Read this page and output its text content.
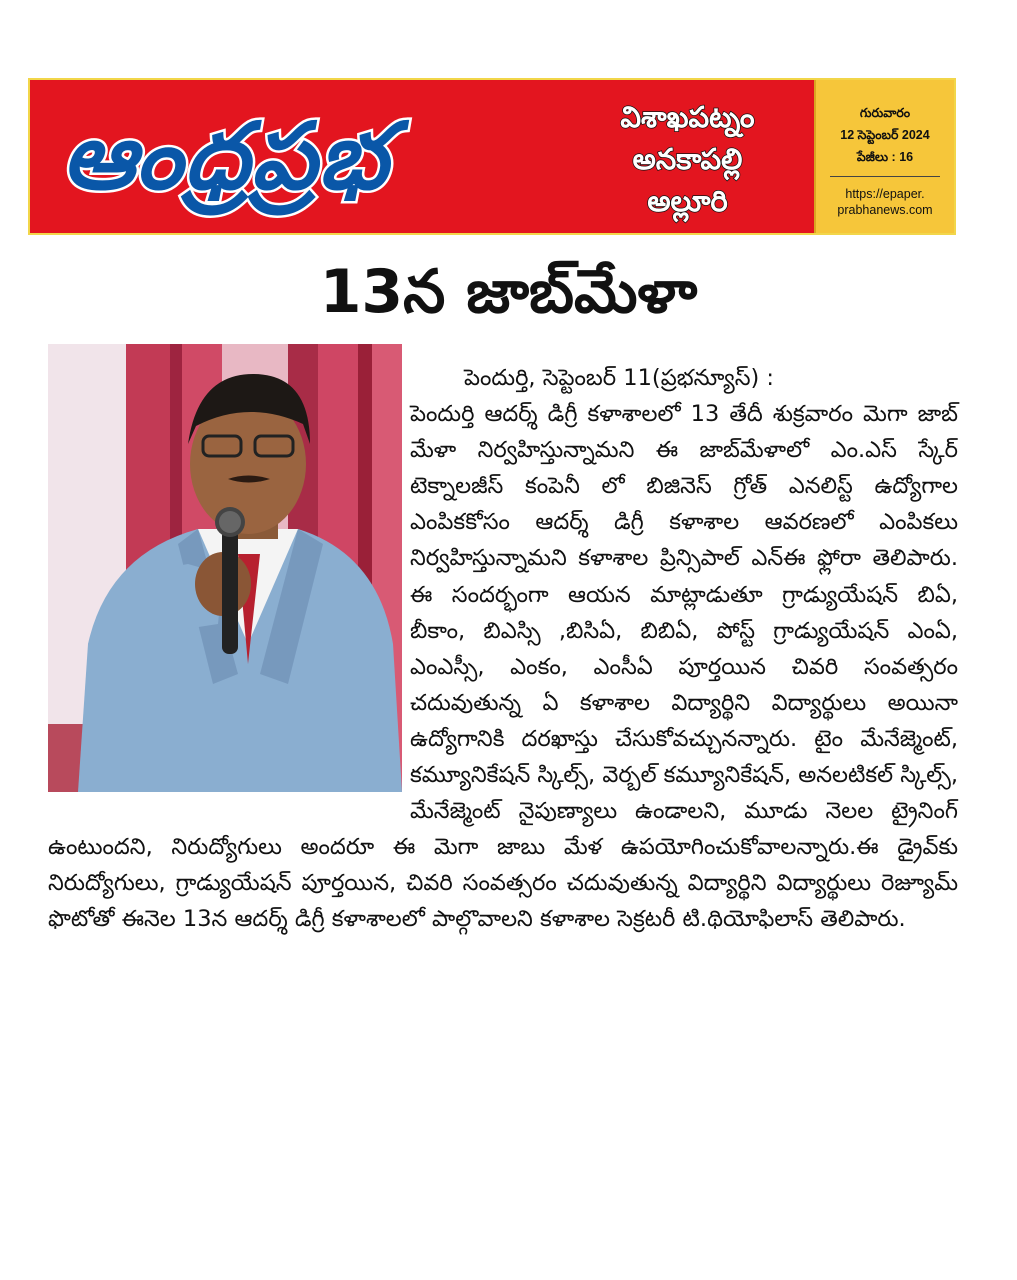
ఆంధ్రప్రభ	విశాఖపట్నం
అనకాపల్లి
అల్లూరి
గురువారం
12 సెప్టెంబర్ 2024
పేజీలు : 16
https://epaper.
prabhanews.com
13న జాబ్‌మేళా

పెందుర్తి, సెప్టెంబర్ 11(ప్రభన్యూస్) :

పెందుర్తి ఆదర్శ్ డిగ్రీ కళాశాలలో 13 తేదీ శుక్రవారం మెగా జాబ్ మేళా నిర్వహిస్తున్నామని ఈ జాబ్‌మేళాలో ఎం.ఎస్ స్కేర్ టెక్నాలజీస్ కంపెనీ లో బిజినెస్ గ్రోత్ ఎనలిస్ట్ ఉద్యోగాల ఎంపికకోసం ఆదర్శ్ డిగ్రీ కళాశాల ఆవరణలో ఎంపికలు నిర్వహిస్తున్నామని కళాశాల ప్రిన్సిపాల్ ఎన్ఈ ఫ్లోరా తెలిపారు. ఈ సందర్భంగా ఆయన మాట్లాడుతూ గ్రాడ్యుయేషన్ బిఏ, బీకాం, బిఎస్సి ,బిసిఏ, బిబిఏ, పోస్ట్ గ్రాడ్యుయేషన్ ఎంఏ, ఎంఎస్సీ, ఎంకం, ఎంసీఏ పూర్తయిన చివరి సంవత్సరం చదువుతున్న ఏ కళాశాల విద్యార్థిని విద్యార్థులు అయినా ఉద్యోగానికి దరఖాస్తు చేసుకోవచ్చునన్నారు. టైం మేనేజ్మెంట్, కమ్యూనికేషన్ స్కిల్స్, వెర్బల్ కమ్యూనికేషన్, అనలటికల్ స్కిల్స్, మేనేజ్మెంట్ నైపుణ్యాలు ఉండాలని, మూడు నెలల ట్రైనింగ్ ఉంటుందని, నిరుద్యోగులు అందరూ ఈ మెగా జాబు మేళ ఉపయోగించుకోవాలన్నారు.ఈ డ్రైవ్‌కు నిరుద్యోగులు, గ్రాడ్యుయేషన్ పూర్తయిన, చివరి సంవత్సరం చదువుతున్న విద్యార్థిని విద్యార్థులు రెజ్యూమ్ ఫొటోతో ఈనెల 13న ఆదర్శ్ డిగ్రీ కళాశాలలో పాల్గొవాలని కళాశాల సెక్రటరీ టి.థియోఫిలాస్ తెలిపారు.
